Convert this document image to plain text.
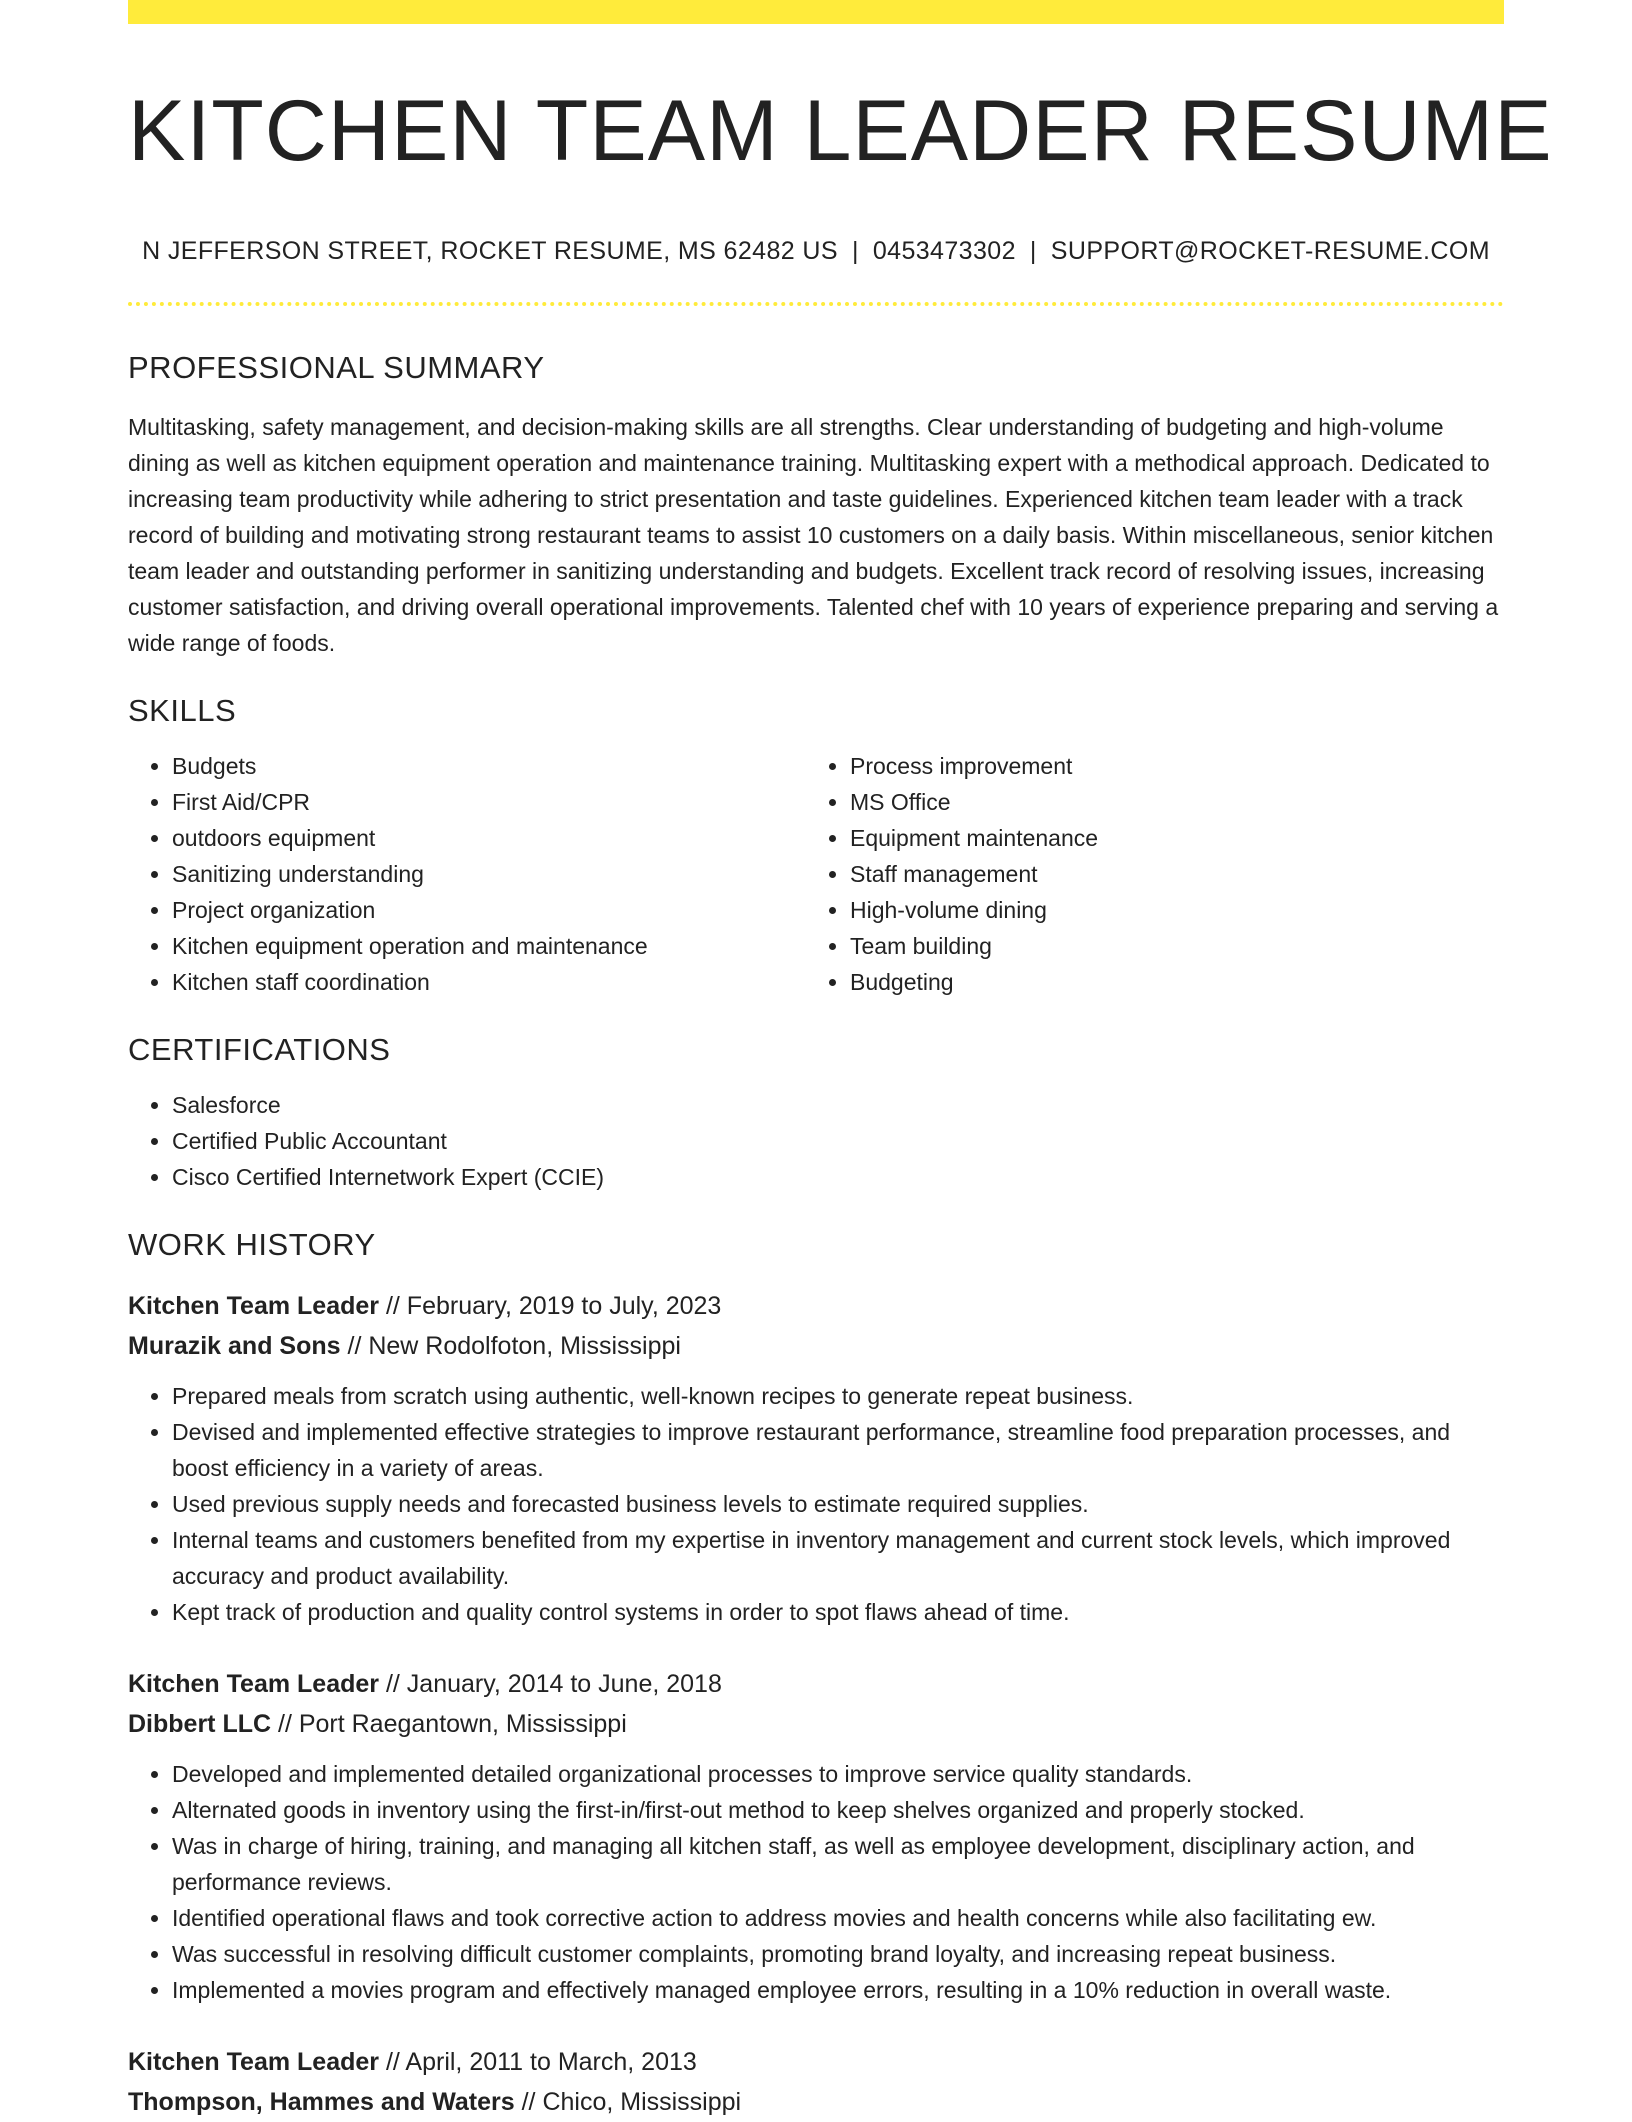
KITCHEN TEAM LEADER RESUME
N JEFFERSON STREET, ROCKET RESUME, MS 62482 US | 0453473302 | SUPPORT@ROCKET-RESUME.COM
PROFESSIONAL SUMMARY
Multitasking, safety management, and decision-making skills are all strengths. Clear understanding of budgeting and high-volume dining as well as kitchen equipment operation and maintenance training. Multitasking expert with a methodical approach. Dedicated to increasing team productivity while adhering to strict presentation and taste guidelines. Experienced kitchen team leader with a track record of building and motivating strong restaurant teams to assist 10 customers on a daily basis. Within miscellaneous, senior kitchen team leader and outstanding performer in sanitizing understanding and budgets. Excellent track record of resolving issues, increasing customer satisfaction, and driving overall operational improvements. Talented chef with 10 years of experience preparing and serving a wide range of foods.
SKILLS
• Budgets
• First Aid/CPR
• outdoors equipment
• Sanitizing understanding
• Project organization
• Kitchen equipment operation and maintenance
• Kitchen staff coordination
• Process improvement
• MS Office
• Equipment maintenance
• Staff management
• High-volume dining
• Team building
• Budgeting
CERTIFICATIONS
• Salesforce
• Certified Public Accountant
• Cisco Certified Internetwork Expert (CCIE)
WORK HISTORY
Kitchen Team Leader // February, 2019 to July, 2023
Murazik and Sons // New Rodolfoton, Mississippi
• Prepared meals from scratch using authentic, well-known recipes to generate repeat business.
• Devised and implemented effective strategies to improve restaurant performance, streamline food preparation processes, and boost efficiency in a variety of areas.
• Used previous supply needs and forecasted business levels to estimate required supplies.
• Internal teams and customers benefited from my expertise in inventory management and current stock levels, which improved accuracy and product availability.
• Kept track of production and quality control systems in order to spot flaws ahead of time.
Kitchen Team Leader // January, 2014 to June, 2018
Dibbert LLC // Port Raegantown, Mississippi
• Developed and implemented detailed organizational processes to improve service quality standards.
• Alternated goods in inventory using the first-in/first-out method to keep shelves organized and properly stocked.
• Was in charge of hiring, training, and managing all kitchen staff, as well as employee development, disciplinary action, and performance reviews.
• Identified operational flaws and took corrective action to address movies and health concerns while also facilitating ew.
• Was successful in resolving difficult customer complaints, promoting brand loyalty, and increasing repeat business.
• Implemented a movies program and effectively managed employee errors, resulting in a 10% reduction in overall waste.
Kitchen Team Leader // April, 2011 to March, 2013
Thompson, Hammes and Waters // Chico, Mississippi
